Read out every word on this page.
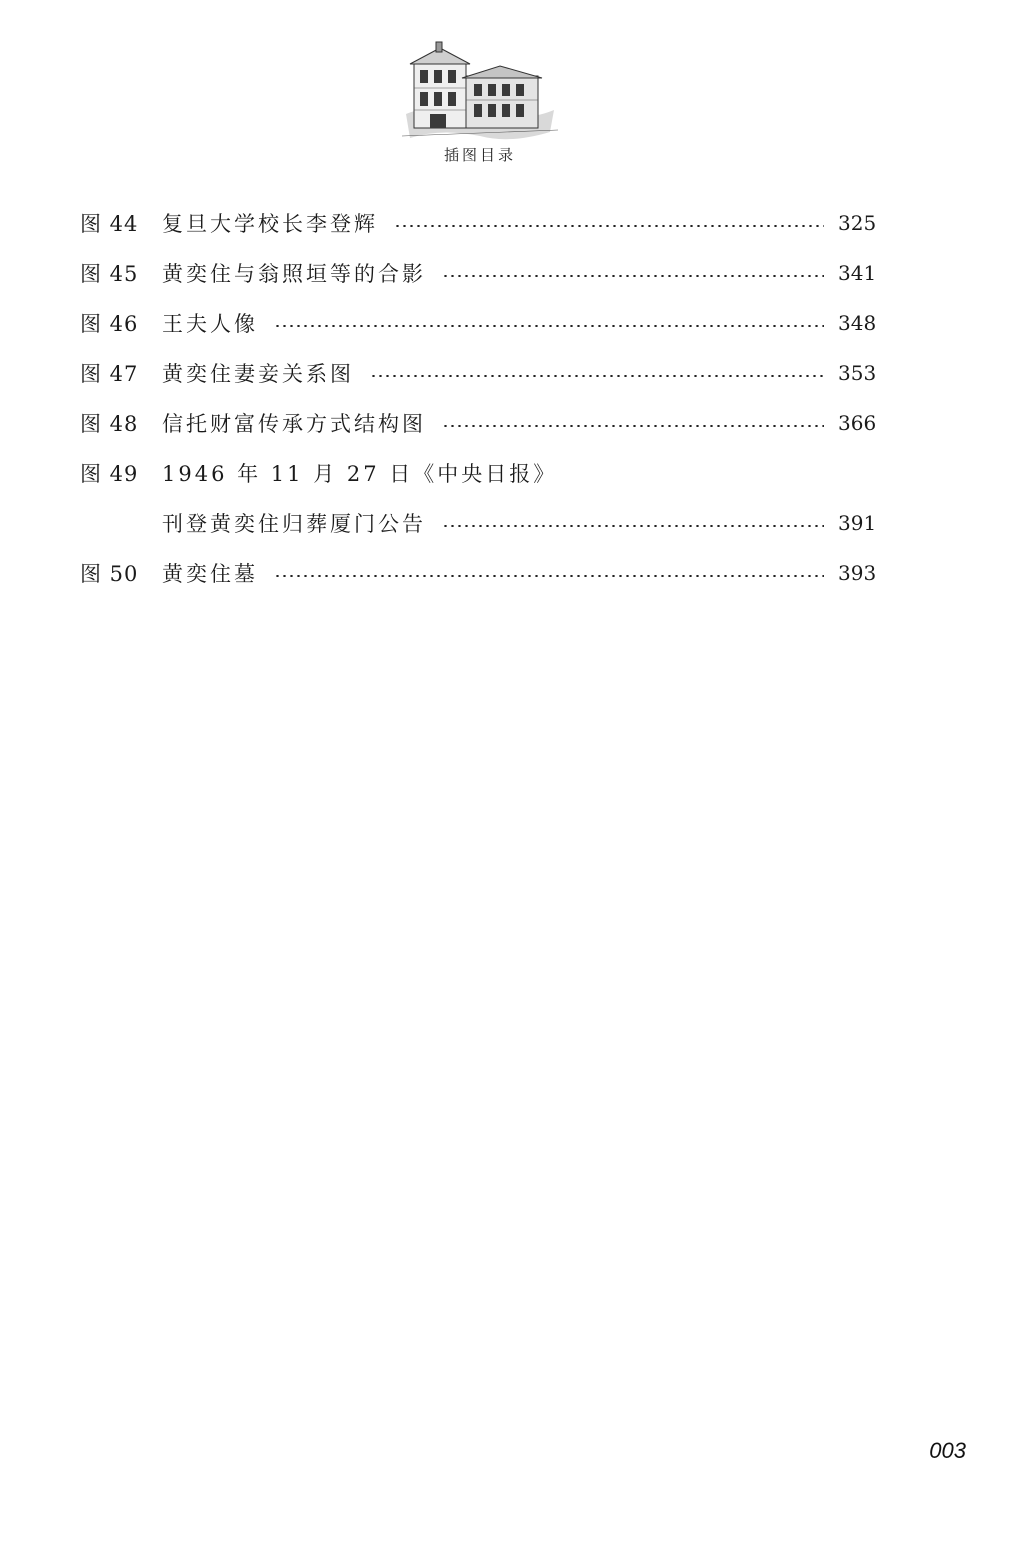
插图目录
图 44	复旦大学校长李登辉	325
图 45	黄奕住与翁照垣等的合影	341
图 46	王夫人像	348
图 47	黄奕住妻妾关系图	353
图 48	信托财富传承方式结构图	366
图 49	1946 年 11 月 27 日《中央日报》
刊登黄奕住归葬厦门公告	391
图 50	黄奕住墓	393
003
